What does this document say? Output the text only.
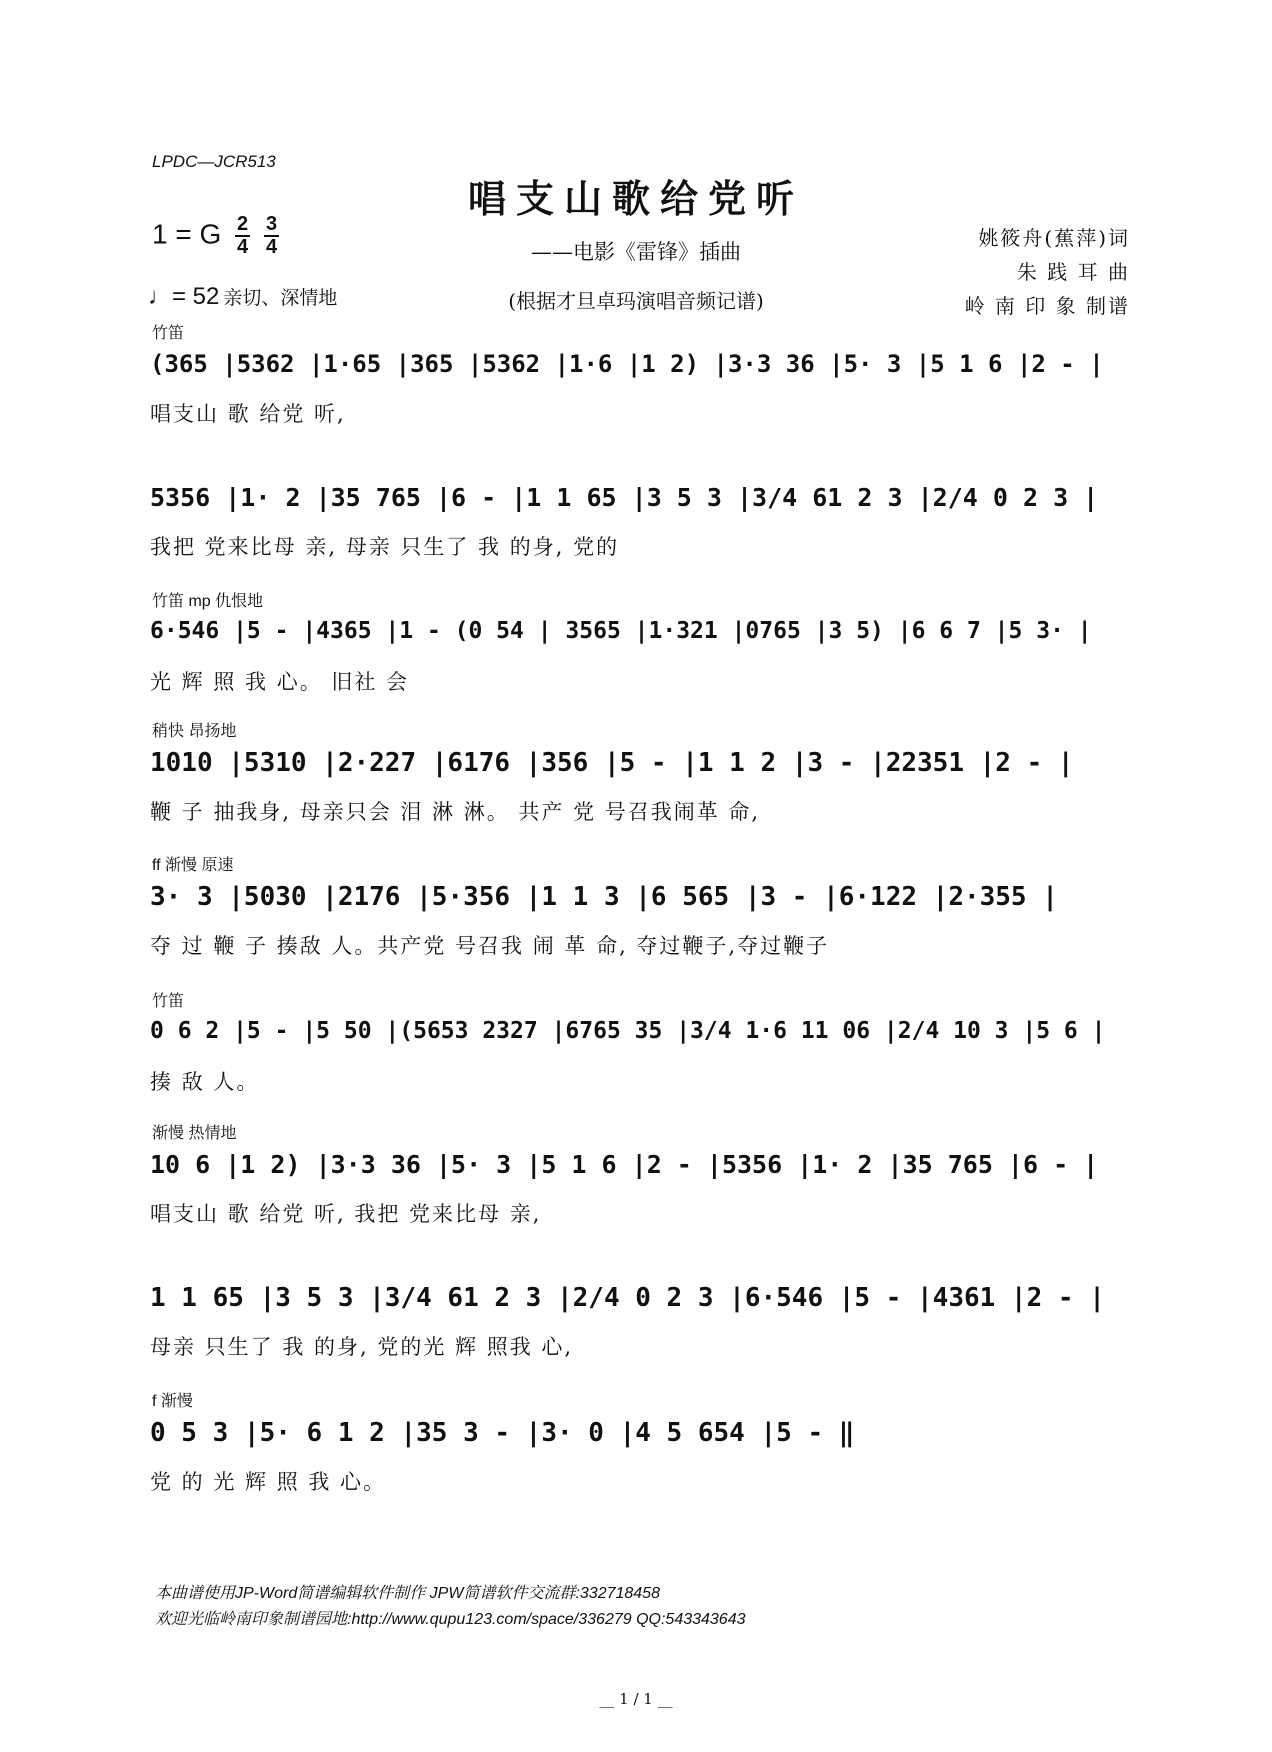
LPDC—JCR513
唱支山歌给党听
——电影《雷锋》插曲
(根据才旦卓玛演唱音频记谱)
1 = G $\frac{2}{4} \frac{3}{4}$
♩= 52 亲切、深情地
姚筱舟(蕉萍)词
朱 践 耳 曲
岭 南 印 象 制谱
竹笛
(365 |5362 |1·65 |365 |5362 |1·6 |1 2) |3·3 36 |5· 3 |5 1 6 |2 - |
唱支山 歌 给党 听,
5356 |1· 2 |35 765 |6 - |1 1 65 |3 5 3 |3/4 61 2 3 |2/4 0 2 3 |
我把 党来比母 亲, 母亲 只生了 我 的身, 党的
竹笛 mp 仇恨地
6·546 |5 - |4365 |1 - (0 54 | 3565 |1·321 |0765 |3 5) |6 6 7 |5 3· |
光 辉 照 我 心。 旧社 会
稍快 昂扬地
1010 |5310 |2·227 |6176 |356 |5 - |1 1 2 |3 - |22351 |2 - |
鞭 子 抽我身, 母亲只会 泪 淋 淋。 共产 党 号召我闹革 命,
ff 渐慢 原速
3· 3 |5030 |2176 |5·356 |1 1 3 |6 565 |3 - |6·122 |2·355 |
夺 过 鞭 子 揍敌 人。共产党 号召我 闹 革 命, 夺过鞭子,夺过鞭子
竹笛
0 6 2 |5 - |5 50 |(5653 2327 |6765 35 |3/4 1·6 11 06 |2/4 10 3 |5 6 |
揍 敌 人。
渐慢 热情地
10 6 |1 2) |3·3 36 |5· 3 |5 1 6 |2 - |5356 |1· 2 |35 765 |6 - |
唱支山 歌 给党 听, 我把 党来比母 亲,
1 1 65 |3 5 3 |3/4 61 2 3 |2/4 0 2 3 |6·546 |5 - |4361 |2 - |
母亲 只生了 我 的身, 党的光 辉 照我 心,
f 渐慢
0 5 3 |5· 6 1 2 |35 3 - |3· 0 |4 5 654 |5 - ‖
党 的 光 辉 照 我 心。
本曲谱使用JP-Word简谱编辑软件制作 JPW简谱软件交流群:332718458
欢迎光临岭南印象制谱园地:http://www.qupu123.com/space/336279 QQ:543343643
__ 1 / 1 __
